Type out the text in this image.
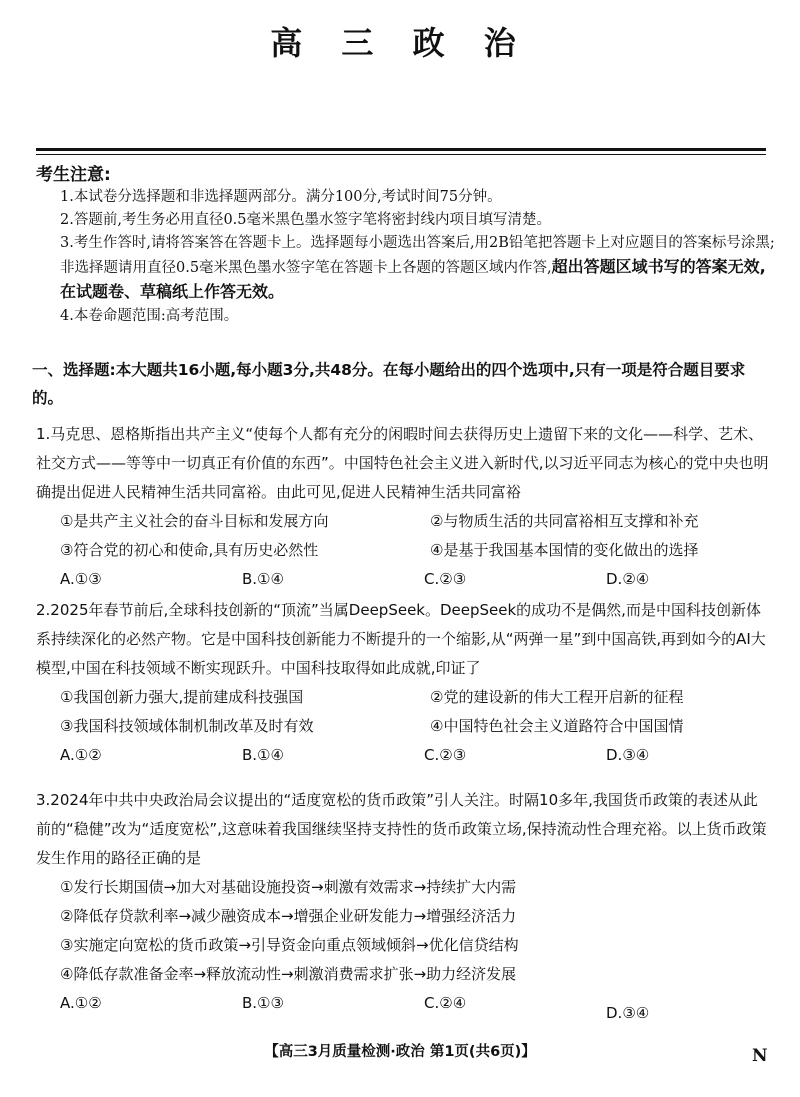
高 三 政 治
考生注意:

1.本试卷分选择题和非选择题两部分。满分100分,考试时间75分钟。

2.答题前,考生务必用直径0.5毫米黑色墨水签字笔将密封线内项目填写清楚。

3.考生作答时,请将答案答在答题卡上。选择题每小题选出答案后,用2B铅笔把答题卡上对应题目的答案标号涂黑;非选择题请用直径0.5毫米黑色墨水签字笔在答题卡上各题的答题区域内作答,超出答题区域书写的答案无效,在试题卷、草稿纸上作答无效。

4.本卷命题范围:高考范围。

一、选择题:本大题共16小题,每小题3分,共48分。在每小题给出的四个选项中,只有一项是符合题目要求的。

1.马克思、恩格斯指出共产主义“使每个人都有充分的闲暇时间去获得历史上遗留下来的文化——科学、艺术、社交方式——等等中一切真正有价值的东西”。中国特色社会主义进入新时代,以习近平同志为核心的党中央也明确提出促进人民精神生活共同富裕。由此可见,促进人民精神生活共同富裕

①是共产主义社会的奋斗目标和发展方向	②与物质生活的共同富裕相互支撑和补充
③符合党的初心和使命,具有历史必然性	④是基于我国基本国情的变化做出的选择
A.①③	B.①④	C.②③	D.②④

2.2025年春节前后,全球科技创新的“顶流”当属DeepSeek。DeepSeek的成功不是偶然,而是中国科技创新体系持续深化的必然产物。它是中国科技创新能力不断提升的一个缩影,从“两弹一星”到中国高铁,再到如今的AI大模型,中国在科技领域不断实现跃升。中国科技取得如此成就,印证了

①我国创新力强大,提前建成科技强国	②党的建设新的伟大工程开启新的征程
③我国科技领域体制机制改革及时有效	④中国特色社会主义道路符合中国国情
A.①②	B.①④	C.②③	D.③④

3.2024年中共中央政治局会议提出的“适度宽松的货币政策”引人关注。时隔10多年,我国货币政策的表述从此前的“稳健”改为“适度宽松”,这意味着我国继续坚持支持性的货币政策立场,保持流动性合理充裕。以上货币政策发生作用的路径正确的是

①发行长期国债→加大对基础设施投资→刺激有效需求→持续扩大内需
②降低存贷款利率→减少融资成本→增强企业研发能力→增强经济活力
③实施定向宽松的货币政策→引导资金向重点领域倾斜→优化信贷结构
④降低存款准备金率→释放流动性→刺激消费需求扩张→助力经济发展
A.①②	B.①③	C.②④
D.③④
【高三3月质量检测·政治 第1页(共6页)】	N
